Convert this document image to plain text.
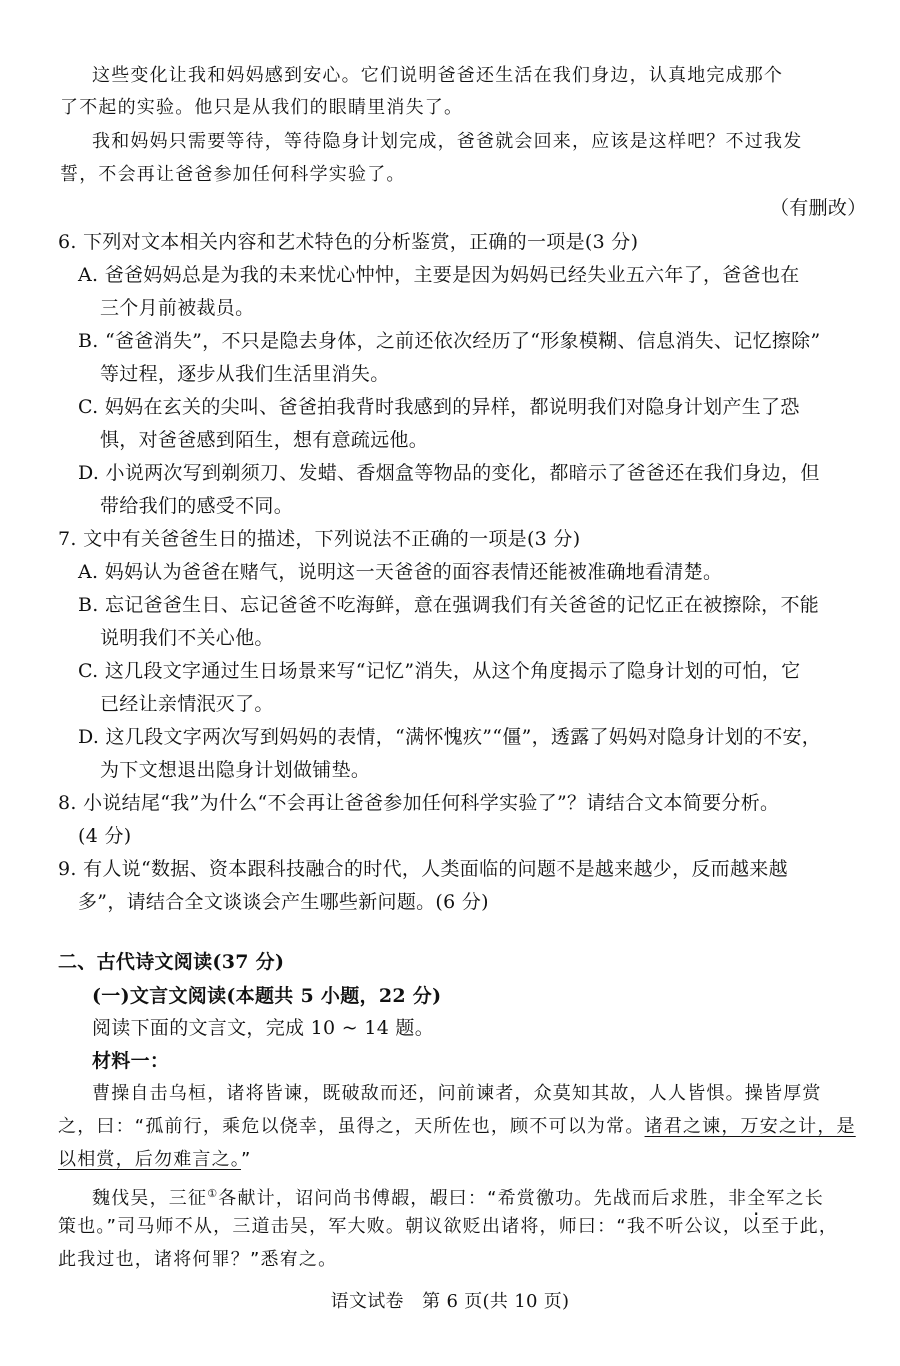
这些变化让我和妈妈感到安心。它们说明爸爸还生活在我们身边，认真地完成那个
了不起的实验。他只是从我们的眼睛里消失了。
我和妈妈只需要等待，等待隐身计划完成，爸爸就会回来，应该是这样吧？不过我发
誓，不会再让爸爸参加任何科学实验了。
（有删改）
6. 下列对文本相关内容和艺术特色的分析鉴赏，正确的一项是(3 分)
A. 爸爸妈妈总是为我的未来忧心忡忡，主要是因为妈妈已经失业五六年了，爸爸也在
三个月前被裁员。
B. “爸爸消失”，不只是隐去身体，之前还依次经历了“形象模糊、信息消失、记忆擦除”
等过程，逐步从我们生活里消失。
C. 妈妈在玄关的尖叫、爸爸拍我背时我感到的异样，都说明我们对隐身计划产生了恐
惧，对爸爸感到陌生，想有意疏远他。
D. 小说两次写到剃须刀、发蜡、香烟盒等物品的变化，都暗示了爸爸还在我们身边，但
带给我们的感受不同。
7. 文中有关爸爸生日的描述，下列说法不正确的一项是(3 分)
A. 妈妈认为爸爸在赌气，说明这一天爸爸的面容表情还能被准确地看清楚。
B. 忘记爸爸生日、忘记爸爸不吃海鲜，意在强调我们有关爸爸的记忆正在被擦除，不能
说明我们不关心他。
C. 这几段文字通过生日场景来写“记忆”消失，从这个角度揭示了隐身计划的可怕，它
已经让亲情泯灭了。
D. 这几段文字两次写到妈妈的表情，“满怀愧疚”“僵”，透露了妈妈对隐身计划的不安，
为下文想退出隐身计划做铺垫。
8. 小说结尾“我”为什么“不会再让爸爸参加任何科学实验了”？请结合文本简要分析。
(4 分)
9. 有人说“数据、资本跟科技融合的时代，人类面临的问题不是越来越少，反而越来越
多”，请结合全文谈谈会产生哪些新问题。(6 分)
二、古代诗文阅读(37 分)
(一)文言文阅读(本题共 5 小题，22 分)
阅读下面的文言文，完成 10 ~ 14 题。
材料一：
曹操自击乌桓，诸将皆谏，既破敌而还，问前谏者，众莫知其故，人人皆惧。操皆厚赏
之，曰：“孤前行，乘危以侥幸，虽得之，天所佐也，顾不可以为常。诸君之谏，万安之计，是
以相赏，后勿难言之。”
魏伐吴，三征①各献计，诏问尚书傅嘏，嘏曰：“希赏徼功。先战而后求胜，非全军之长
策也。”司马师不从，三道击吴，军大败。朝议欲贬出诸将，师曰：“我不听公议，以至于此，
此我过也，诸将何罪？”悉宥之。
语文试卷　第 6 页(共 10 页)
